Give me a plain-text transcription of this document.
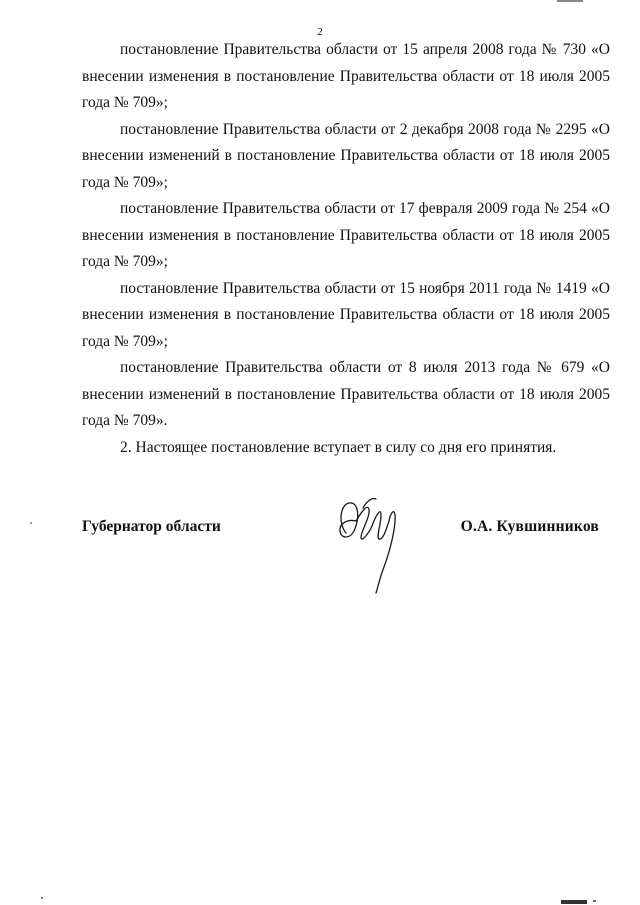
2

постановление Правительства области от 15 апреля 2008 года № 730 «О внесении изменения в постановление Правительства области от 18 июля 2005 года № 709»;

постановление Правительства области от 2 декабря 2008 года № 2295 «О внесении изменений в постановление Правительства области от 18 июля 2005 года № 709»;

постановление Правительства области от 17 февраля 2009 года № 254 «О внесении изменения в постановление Правительства области от 18 июля 2005 года № 709»;

постановление Правительства области от 15 ноября 2011 года № 1419 «О внесении изменения в постановление Правительства области от 18 июля 2005 года № 709»;

постановление Правительства области от 8 июля 2013 года № 679 «О внесении изменений в постановление Правительства области от 18 июля 2005 года № 709».

2. Настоящее постановление вступает в силу со дня его принятия.

Губернатор области	О.А. Кувшинников
